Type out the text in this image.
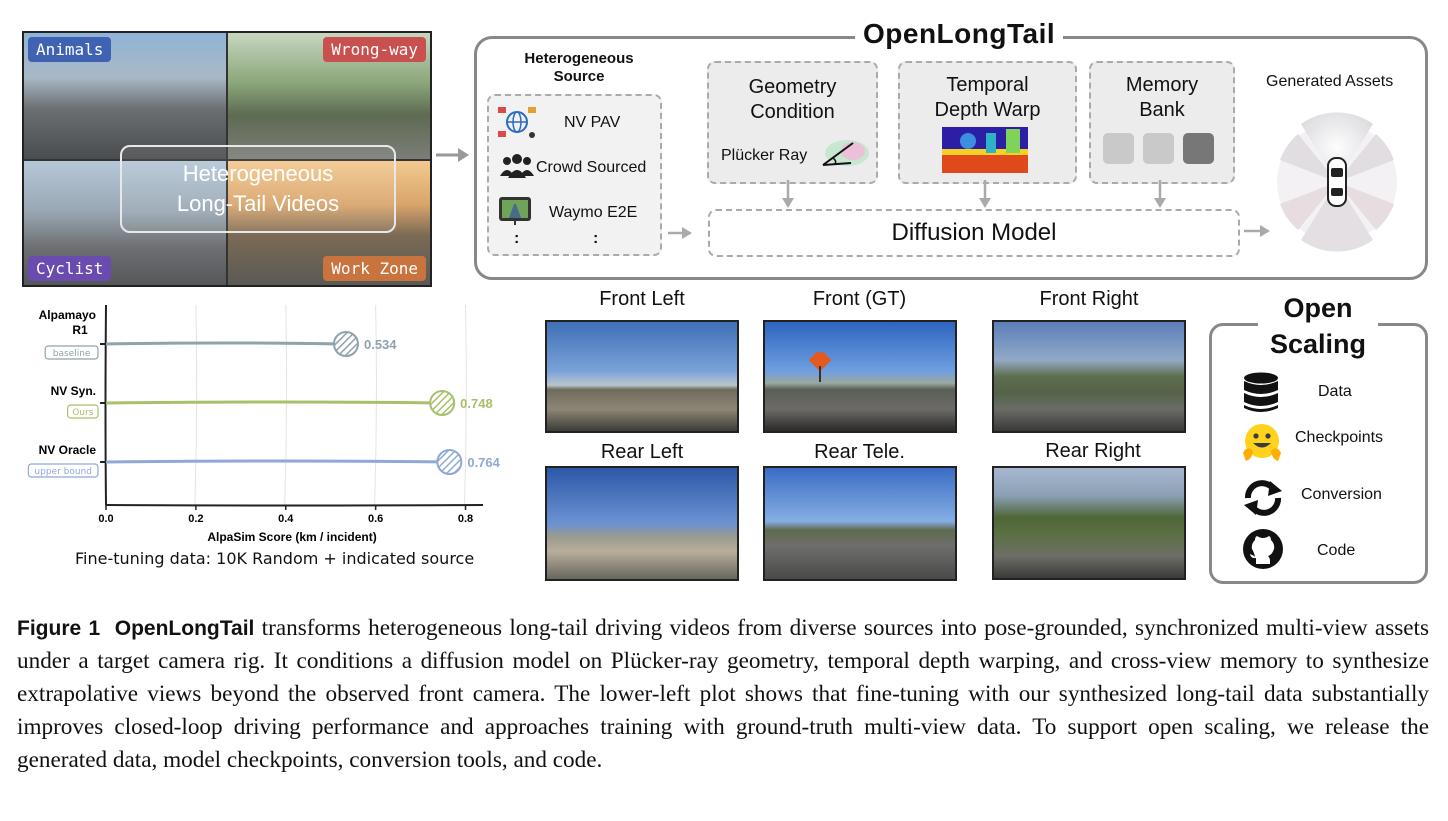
Animals	Wrong-way
Cyclist	Work Zone
Heterogeneous
Long-Tail Videos
OpenLongTail
Heterogeneous
Source
NV PAV
Crowd Sourced
Waymo E2E
:	:
Geometry
Condition
Plücker Ray
Temporal
Depth Warp
Memory
Bank
Diffusion Model
Generated Assets
0.0	0.2	0.4	0.6	0.8
AlpaSim Score (km / incident)
0.534
Alpamayo
R1
baseline
0.748
NV Syn.
Ours
0.764
NV Oracle
upper bound
Fine-tuning data: 10K Random + indicated source
Front Left	Front (GT)	Front Right
Rear Left	Rear Tele.	Rear Right
Open
Scaling
Data
Checkpoints
Conversion
Code
Figure 1 OpenLongTail transforms heterogeneous long-tail driving videos from diverse sources into pose-grounded, synchronized multi-view assets under a target camera rig. It conditions a diffusion model on Plücker-ray geometry, temporal depth warping, and cross-view memory to synthesize extrapolative views beyond the observed front camera. The lower-left plot shows that fine-tuning with our synthesized long-tail data substantially improves closed-loop driving performance and approaches training with ground-truth multi-view data. To support open scaling, we release the generated data, model checkpoints, conversion tools, and code.
